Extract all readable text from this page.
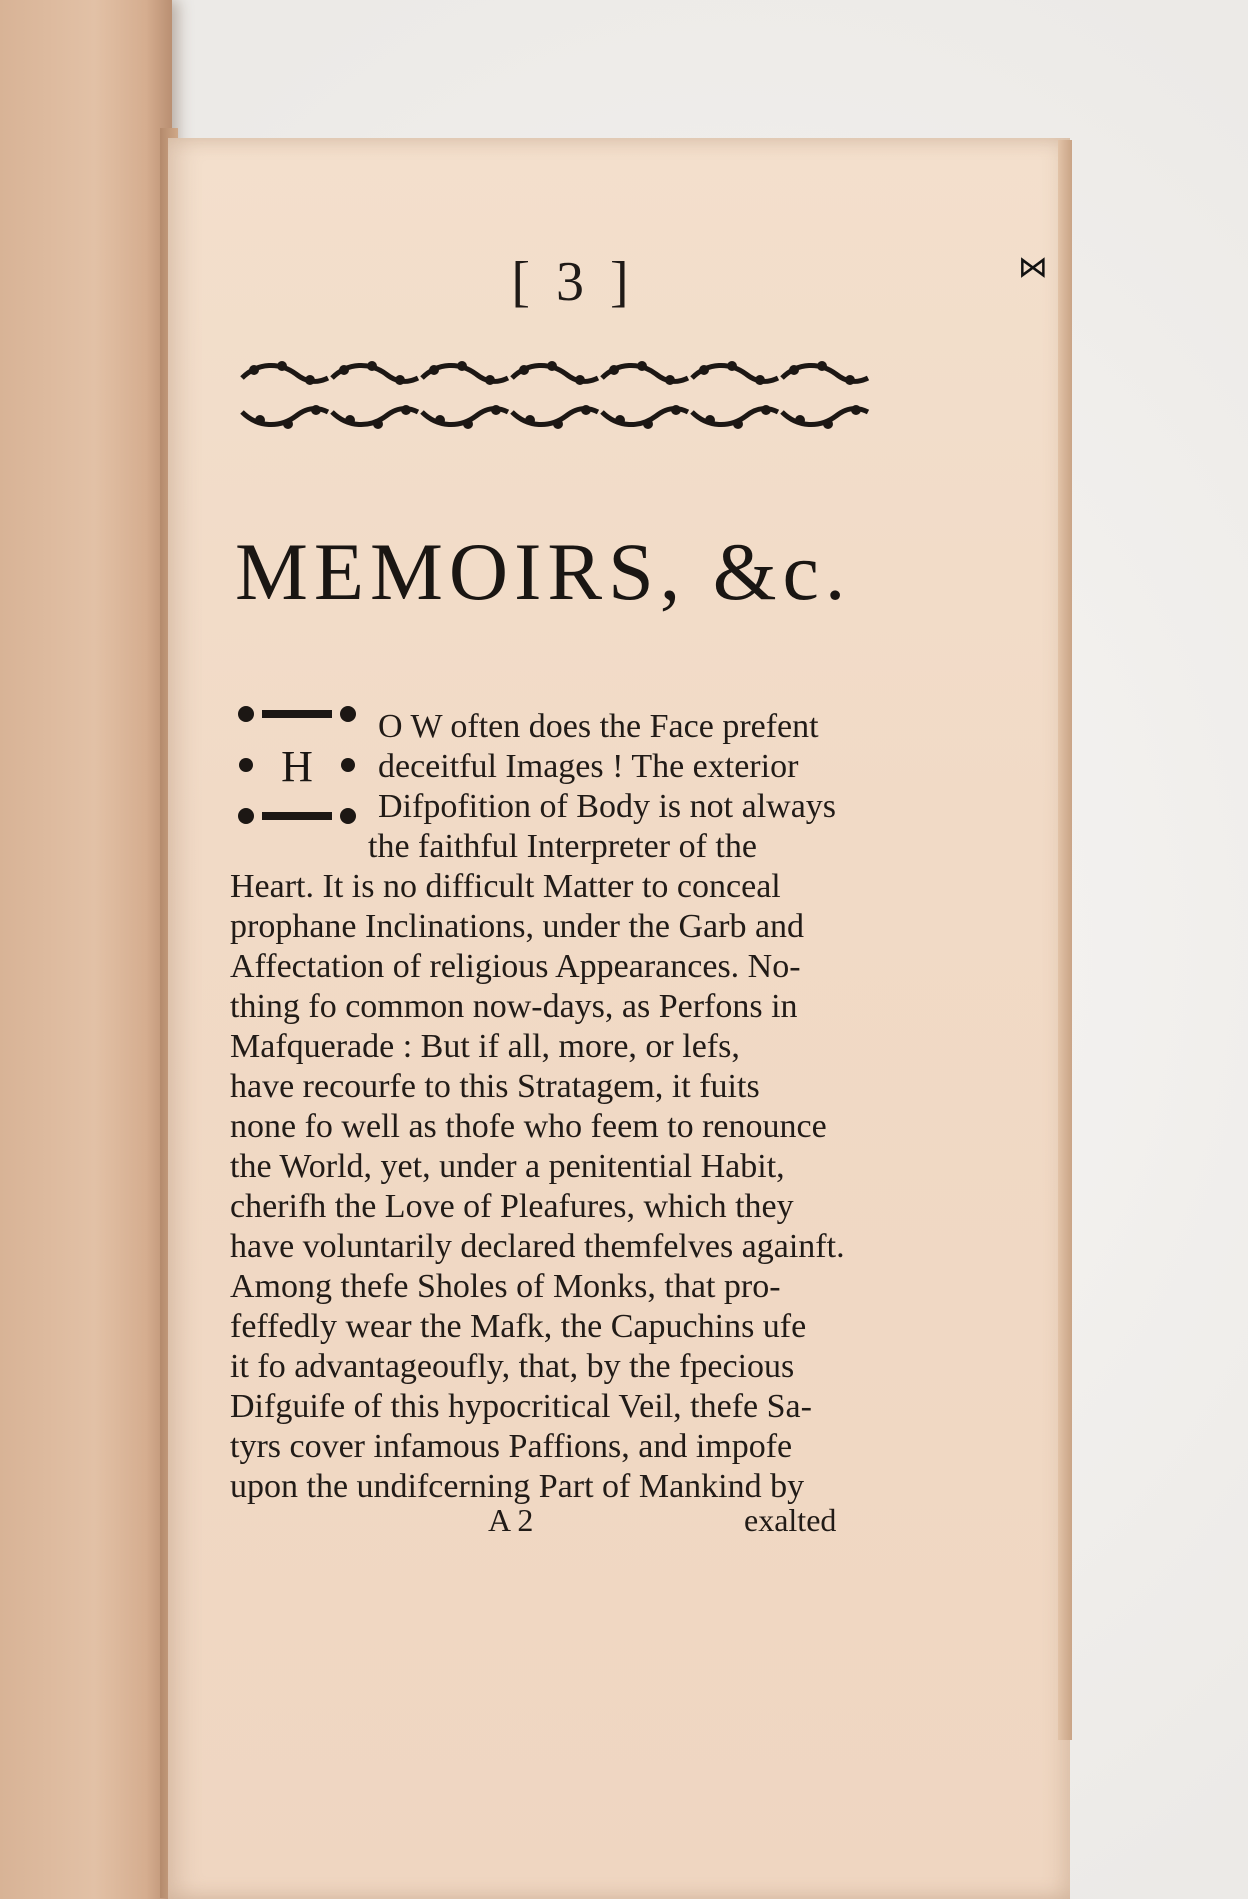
⋈
[ 3 ]
MEMOIRS, &c.
H
O W often does the Face prefent
deceitful Images ! The exterior
Difpofition of Body is not always
the faithful Interpreter of the
Heart. It is no difficult Matter to conceal
prophane Inclinations, under the Garb and
Affectation of religious Appearances. No-
thing fo common now-days, as Perfons in
Mafquerade : But if all, more, or lefs,
have recourfe to this Stratagem, it fuits
none fo well as thofe who feem to renounce
the World, yet, under a penitential Habit,
cherifh the Love of Pleafures, which they
have voluntarily declared themfelves againft.
Among thefe Sholes of Monks, that pro-
feffedly wear the Mafk, the Capuchins ufe
it fo advantageoufly, that, by the fpecious
Difguife of this hypocritical Veil, thefe Sa-
tyrs cover infamous Paffions, and impofe
upon the undifcerning Part of Mankind by
A 2	exalted
